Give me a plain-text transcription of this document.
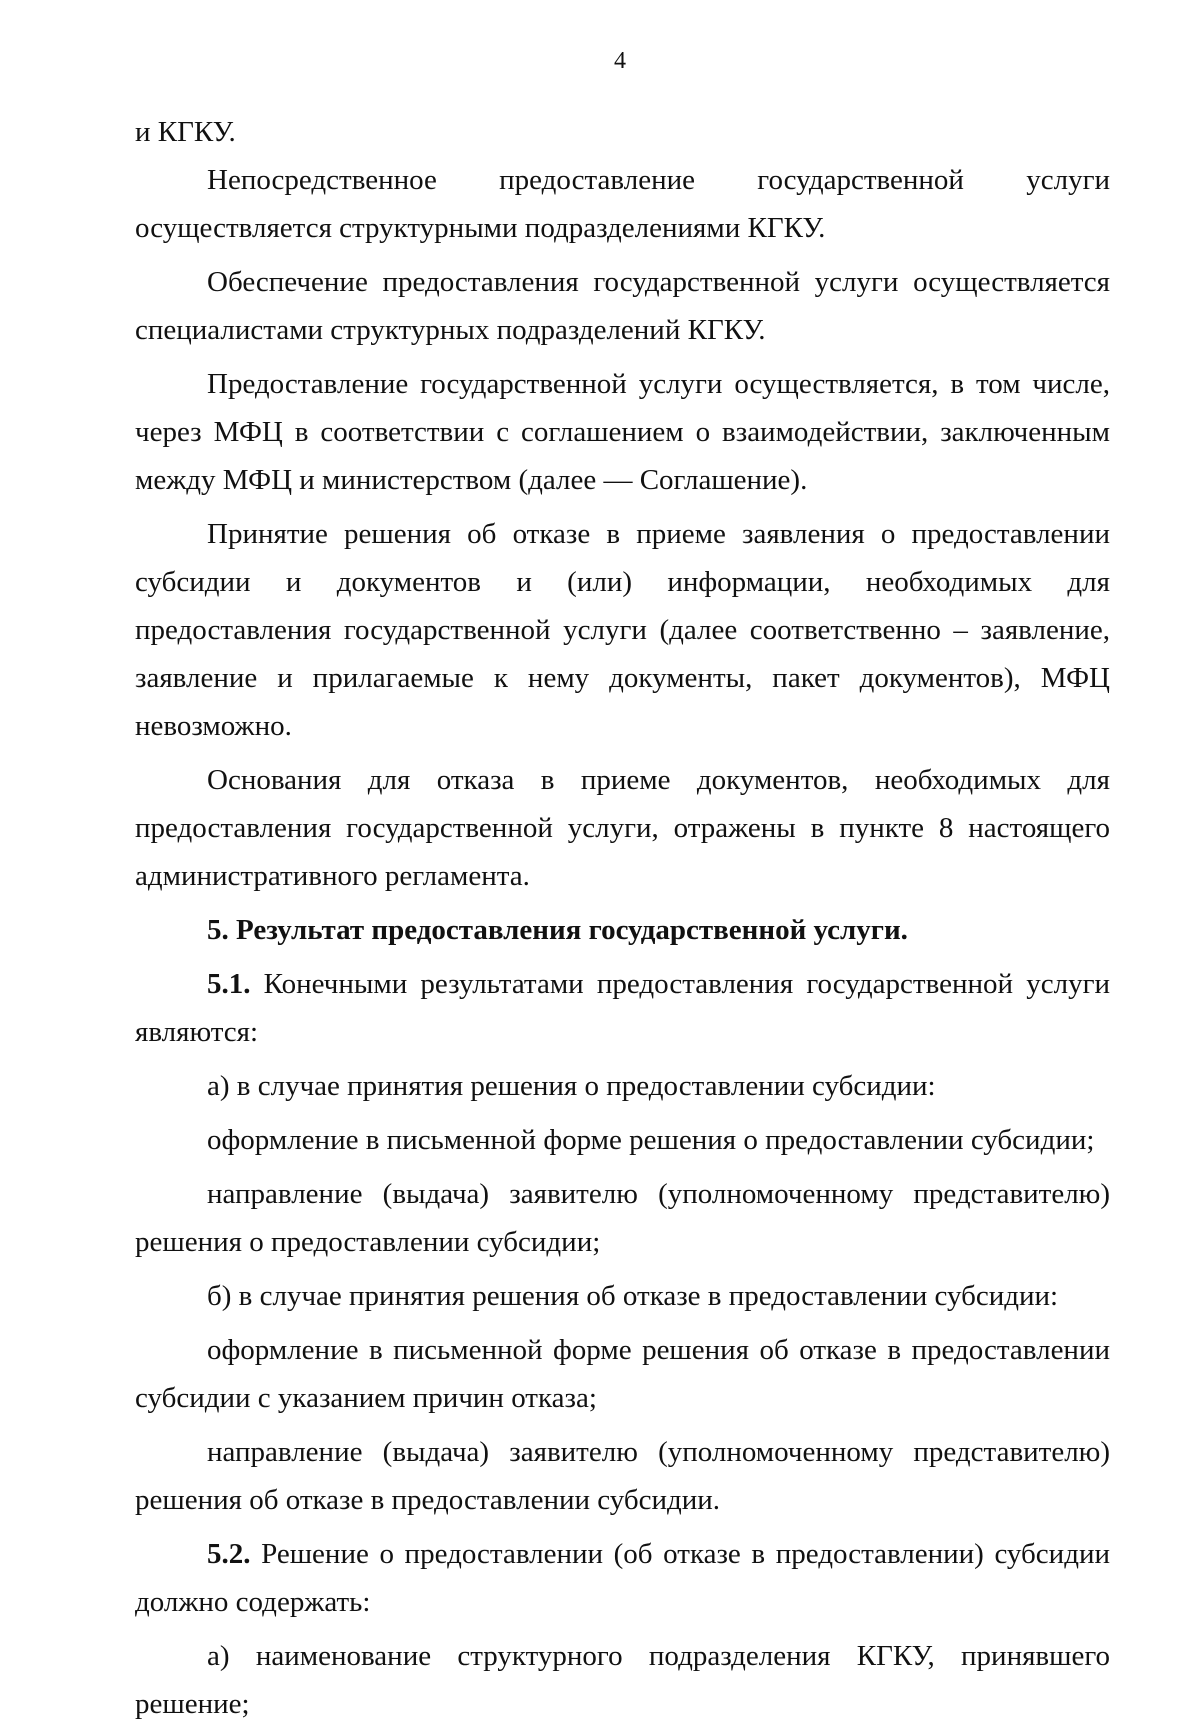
4

и КГКУ.

Непосредственное предоставление государственной услуги

осуществляется структурными подразделениями КГКУ.

Обеспечение предоставления государственной услуги осуществляется специалистами структурных подразделений КГКУ.

Предоставление государственной услуги осуществляется, в том числе, через МФЦ в соответствии с соглашением о взаимодействии, заключенным между МФЦ и министерством (далее — Соглашение).

Принятие решения об отказе в приеме заявления о предоставлении субсидии и документов и (или) информации, необходимых для предоставления государственной услуги (далее соответственно – заявление, заявление и прилагаемые к нему документы, пакет документов), МФЦ невозможно.

Основания для отказа в приеме документов, необходимых для предоставления государственной услуги, отражены в пункте 8 настоящего административного регламента.

5. Результат предоставления государственной услуги.

5.1. Конечными результатами предоставления государственной услуги являются:

а) в случае принятия решения о предоставлении субсидии:

оформление в письменной форме решения о предоставлении субсидии;

направление (выдача) заявителю (уполномоченному представителю) решения о предоставлении субсидии;

б) в случае принятия решения об отказе в предоставлении субсидии:

оформление в письменной форме решения об отказе в предоставлении субсидии с указанием причин отказа;

направление (выдача) заявителю (уполномоченному представителю) решения об отказе в предоставлении субсидии.

5.2. Решение о предоставлении (об отказе в предоставлении) субсидии должно содержать:

а) наименование структурного подразделения КГКУ, принявшего решение;
